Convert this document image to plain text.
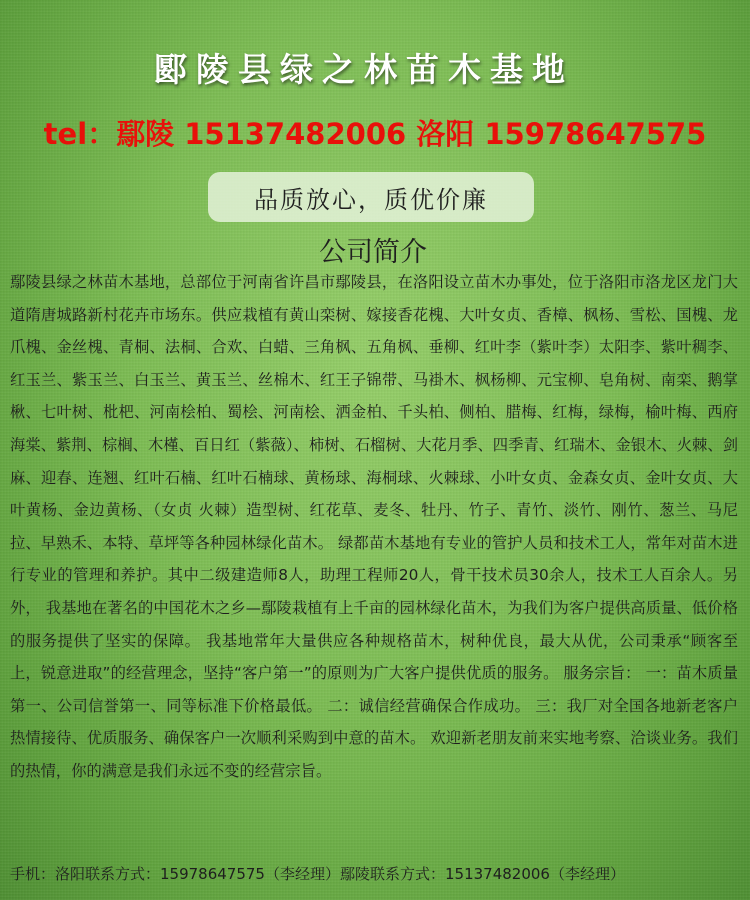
郾陵县绿之林苗木基地
tel：鄢陵 15137482006 洛阳 15978647575
品质放心，质优价廉
公司简介

鄢陵县绿之林苗木基地，总部位于河南省许昌市鄢陵县，在洛阳设立苗木办事处，位于洛阳市洛龙区龙门大道隋唐城路新村花卉市场东。供应栽植有黄山栾树、嫁接香花槐、大叶女贞、香樟、枫杨、雪松、国槐、龙爪槐、金丝槐、青桐、法桐、合欢、白蜡、三角枫、五角枫、垂柳、红叶李（紫叶李）太阳李、紫叶稠李、红玉兰、紫玉兰、白玉兰、黄玉兰、丝棉木、红王子锦带、马褂木、枫杨柳、元宝柳、皂角树、南栾、鹅掌楸、七叶树、枇杷、河南桧柏、蜀桧、河南桧、洒金柏、千头柏、侧柏、腊梅、红梅，绿梅，榆叶梅、西府海棠、紫荆、棕榈、木槿、百日红（紫薇）、柿树、石榴树、大花月季、四季青、红瑞木、金银木、火棘、剑麻、迎春、连翘、红叶石楠、红叶石楠球、黄杨球、海桐球、火棘球、小叶女贞、金森女贞、金叶女贞、大叶黄杨、金边黄杨、（女贞 火棘）造型树、红花草、麦冬、牡丹、竹子、青竹、淡竹、刚竹、葱兰、马尼拉、早熟禾、本特、草坪等各种园林绿化苗木。 绿都苗木基地有专业的管护人员和技术工人，常年对苗木进行专业的管理和养护。其中二级建造师8人，助理工程师20人，骨干技术员30余人，技术工人百余人。另外， 我基地在著名的中国花木之乡—鄢陵栽植有上千亩的园林绿化苗木，为我们为客户提供高质量、低价格的服务提供了坚实的保障。 我基地常年大量供应各种规格苗木，树种优良，最大从优，公司秉承“顾客至上，锐意进取”的经营理念，坚持“客户第一”的原则为广大客户提供优质的服务。 服务宗旨： 一：苗木质量第一、公司信誉第一、同等标准下价格最低。 二：诚信经营确保合作成功。 三：我厂对全国各地新老客户热情接待、优质服务、确保客户一次顺利采购到中意的苗木。 欢迎新老朋友前来实地考察、洽谈业务。我们的热情，你的满意是我们永远不变的经营宗旨。

手机：洛阳联系方式：15978647575（李经理）鄢陵联系方式：15137482006（李经理）
